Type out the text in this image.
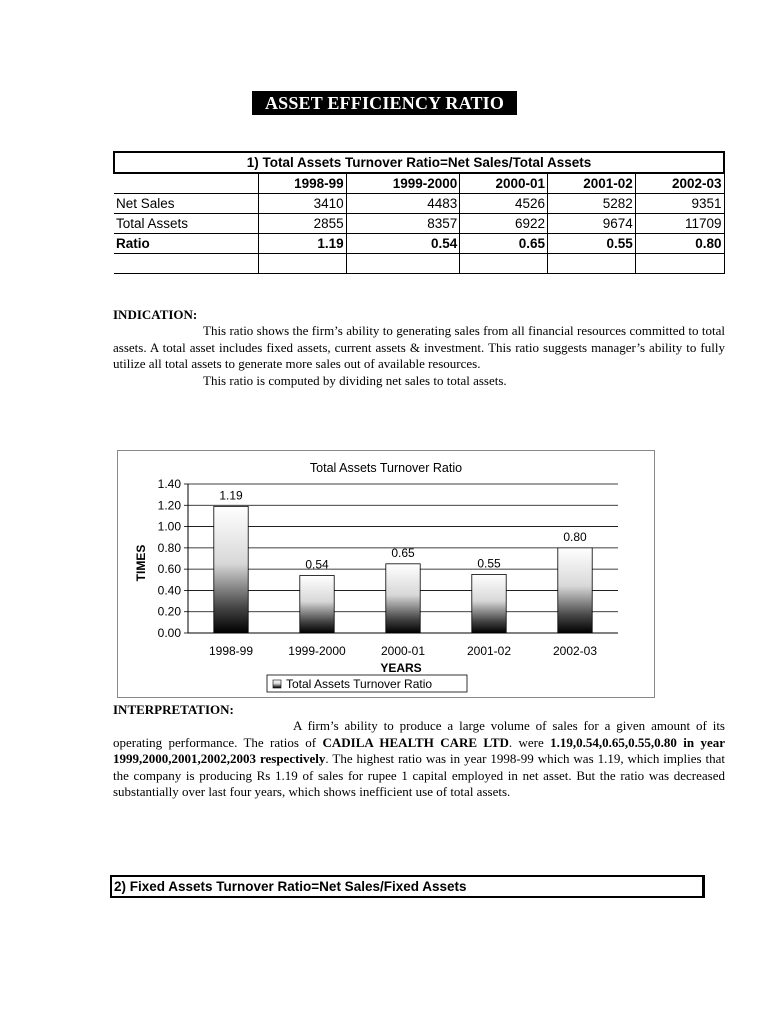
ASSET EFFICIENCY RATIO
1) Total Assets Turnover Ratio=Net Sales/Total Assets					
	1998-99	1999-2000	2000-01	2001-02	2002-03
Net Sales	3410	4483	4526	5282	9351
Total Assets	2855	8357	6922	9674	11709
Ratio	1.19	0.54	0.65	0.55	0.80

INDICATION:

This ratio shows the firm’s ability to generating sales from all financial resources committed to total assets. A total asset includes fixed assets, current assets & investment. This ratio suggests manager’s ability to fully utilize all total assets to generate more sales out of available resources.

This ratio is computed by dividing net sales to total assets.

Total Assets Turnover Ratio
0.00
0.20
0.40
0.60
0.80
1.00
1.20
1.40
1.19
1998-99
0.54
1999-2000
0.65
2000-01
0.55
2001-02
0.80
2002-03
TIMES
YEARS
Total Assets Turnover Ratio
INTERPRETATION:

A firm’s ability to produce a large volume of sales for a given amount of its operating performance. The ratios of CADILA HEALTH CARE LTD. were 1.19,0.54,0.65,0.55,0.80 in year 1999,2000,2001,2002,2003 respectively. The highest ratio was in year 1998-99 which was 1.19, which implies that the company is producing Rs 1.19 of sales for rupee 1 capital employed in net asset. But the ratio was decreased substantially over last four years, which shows inefficient use of total assets.

2) Fixed Assets Turnover Ratio=Net Sales/Fixed Assets
